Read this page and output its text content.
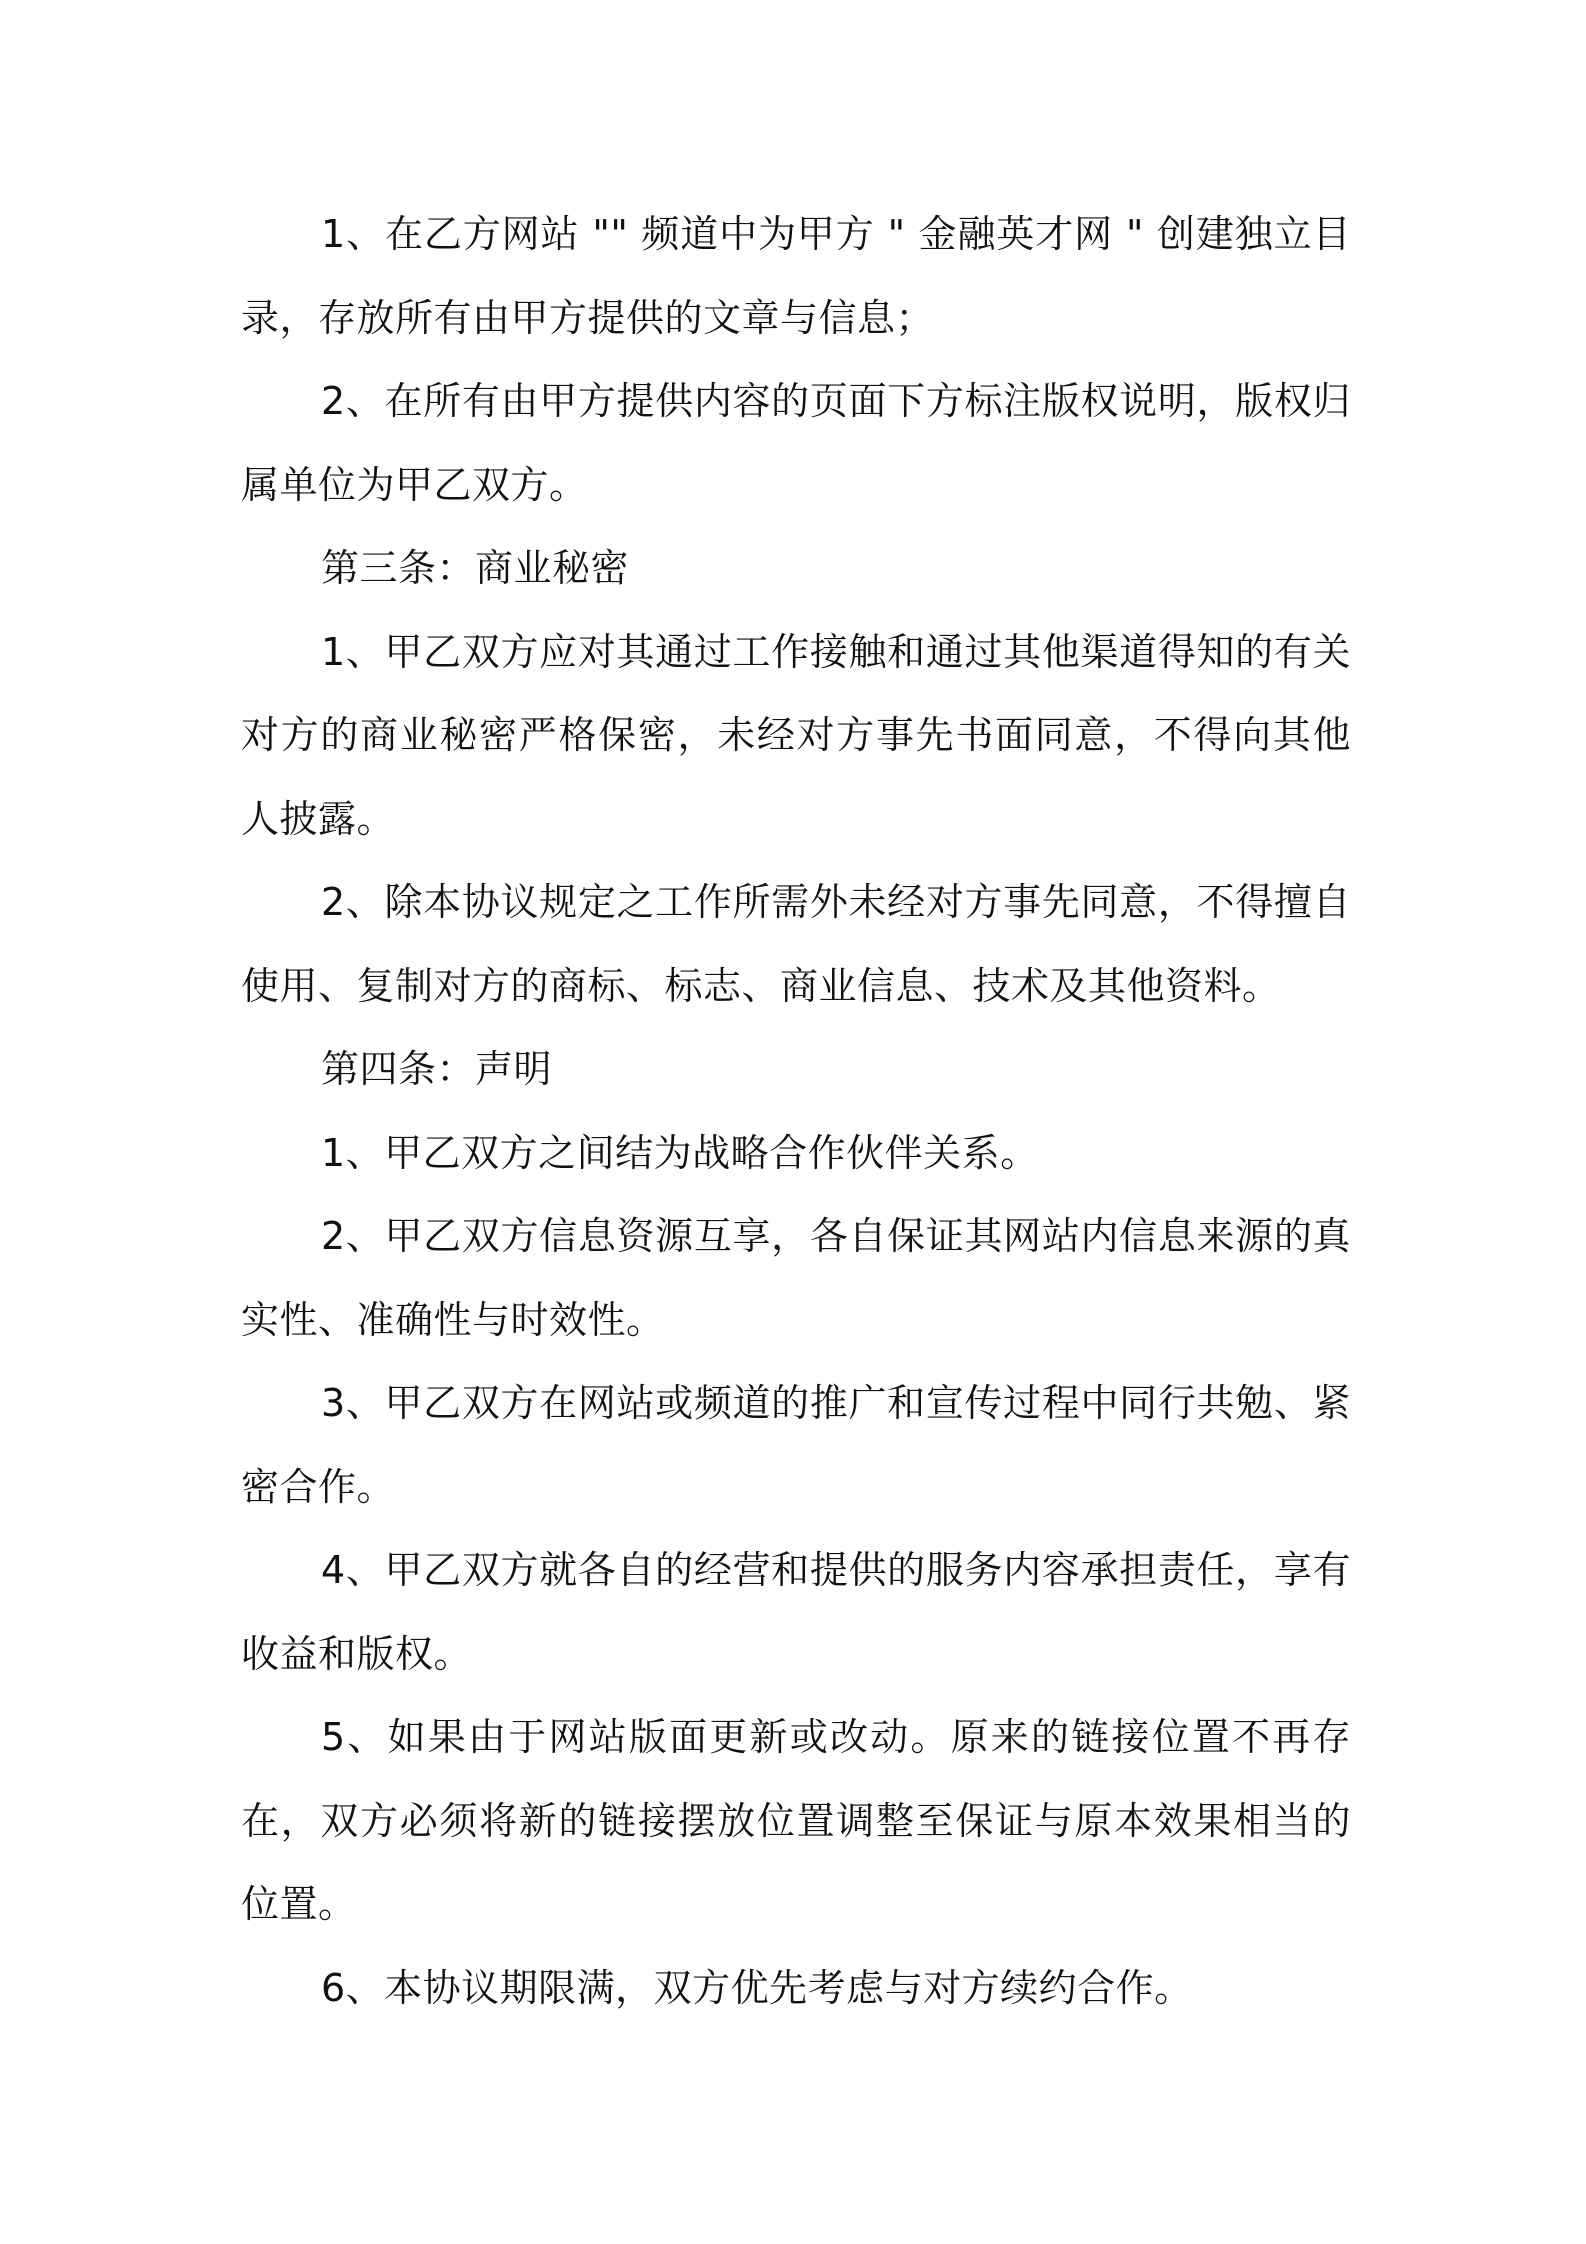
1、在乙方网站 "" 频道中为甲方 " 金融英才网 " 创建独立目录，存放所有由甲方提供的文章与信息；

2、在所有由甲方提供内容的页面下方标注版权说明，版权归属单位为甲乙双方。

第三条：商业秘密

1、甲乙双方应对其通过工作接触和通过其他渠道得知的有关对方的商业秘密严格保密，未经对方事先书面同意，不得向其他人披露。

2、除本协议规定之工作所需外未经对方事先同意，不得擅自使用、复制对方的商标、标志、商业信息、技术及其他资料。

第四条：声明

1、甲乙双方之间结为战略合作伙伴关系。

2、甲乙双方信息资源互享，各自保证其网站内信息来源的真实性、准确性与时效性。

3、甲乙双方在网站或频道的推广和宣传过程中同行共勉、紧密合作。

4、甲乙双方就各自的经营和提供的服务内容承担责任，享有收益和版权。

5、如果由于网站版面更新或改动。原来的链接位置不再存在，双方必须将新的链接摆放位置调整至保证与原本效果相当的位置。

6、本协议期限满，双方优先考虑与对方续约合作。
